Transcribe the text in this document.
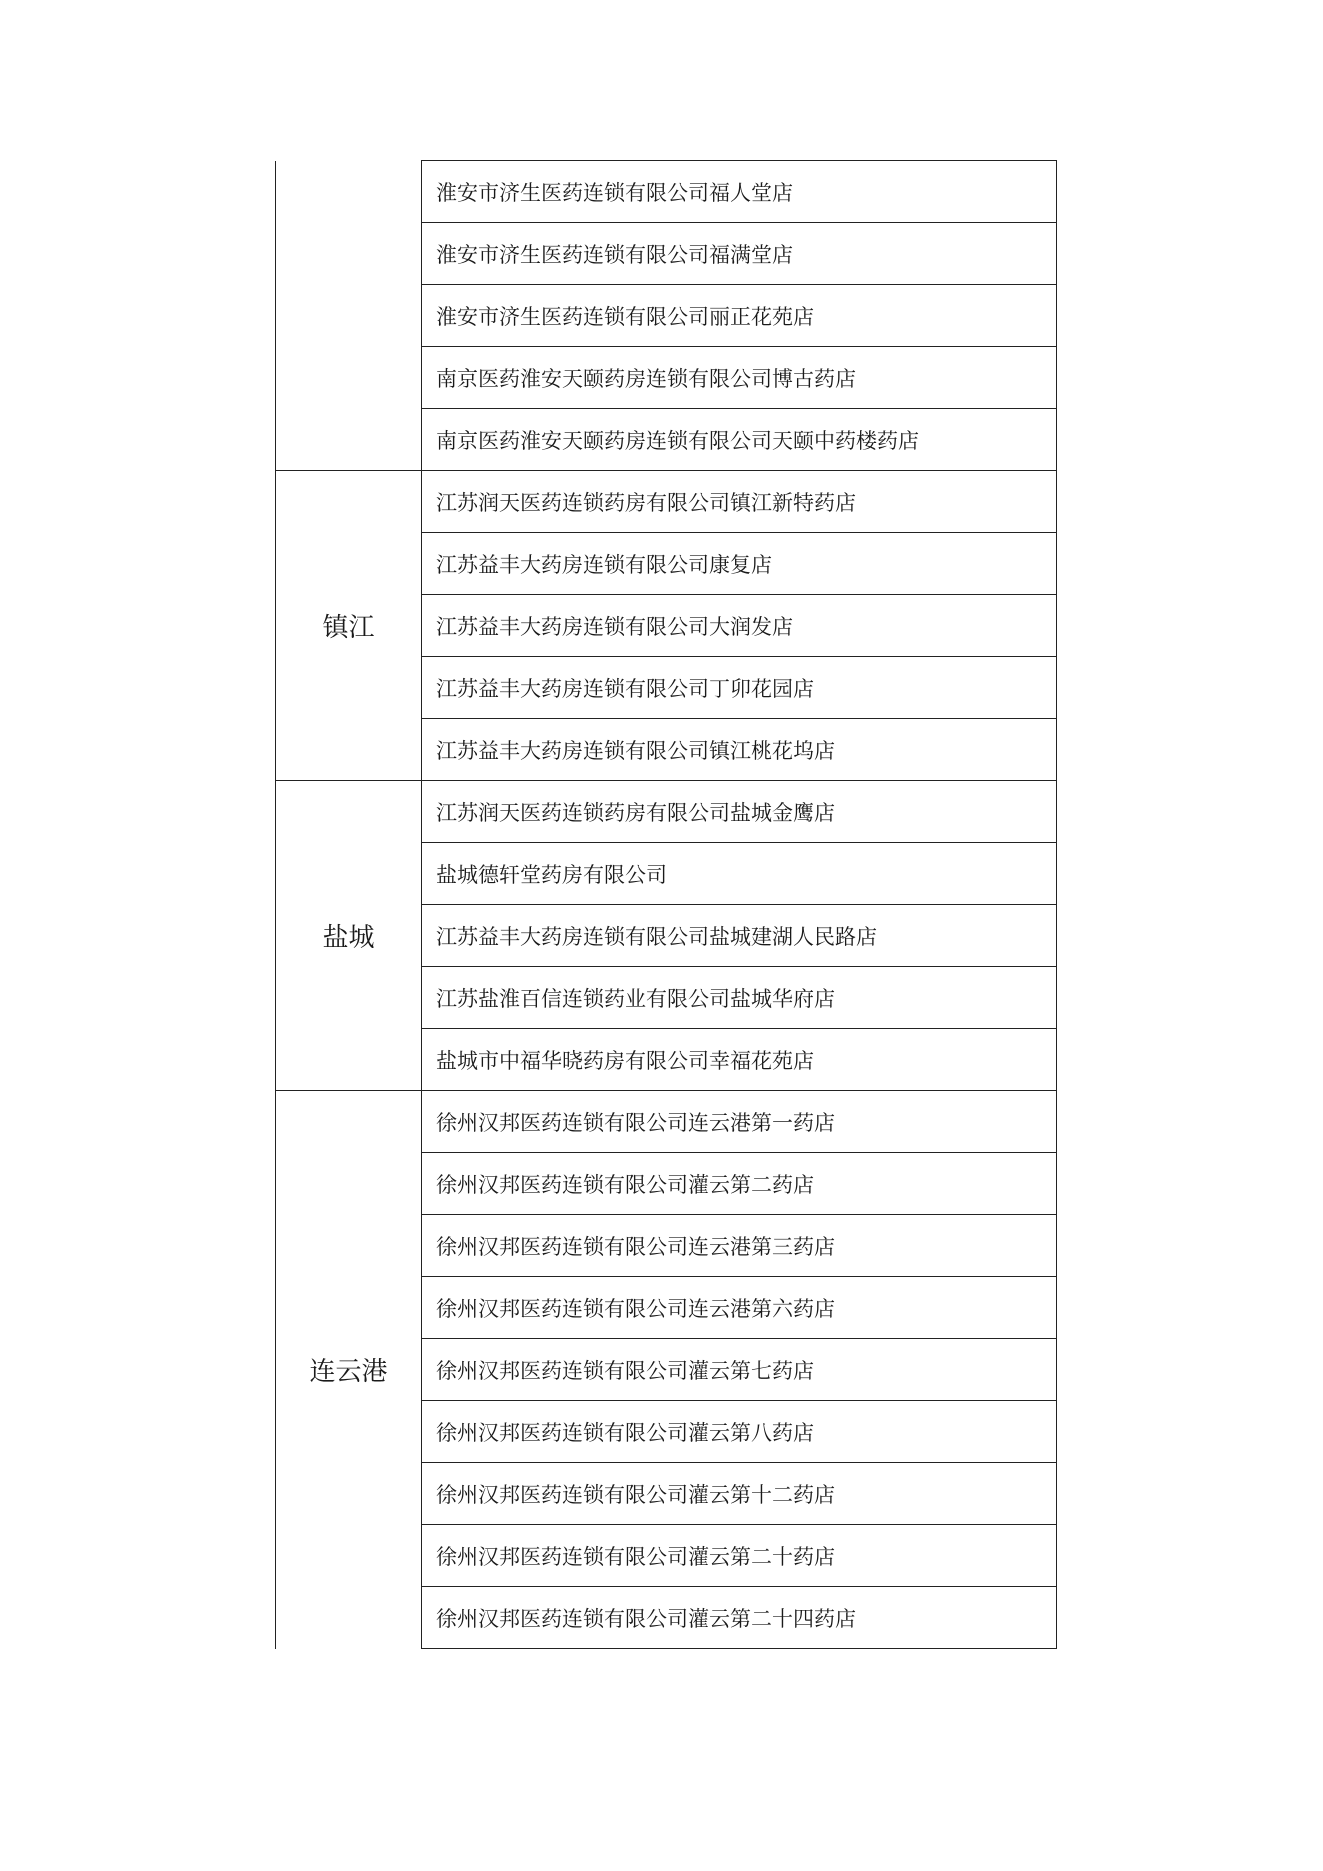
	淮安市济生医药连锁有限公司福人堂店
	淮安市济生医药连锁有限公司福满堂店
	淮安市济生医药连锁有限公司丽正花苑店
	南京医药淮安天颐药房连锁有限公司博古药店
	南京医药淮安天颐药房连锁有限公司天颐中药楼药店
镇江	江苏润天医药连锁药房有限公司镇江新特药店
	江苏益丰大药房连锁有限公司康复店
	江苏益丰大药房连锁有限公司大润发店
	江苏益丰大药房连锁有限公司丁卯花园店
	江苏益丰大药房连锁有限公司镇江桃花坞店
盐城	江苏润天医药连锁药房有限公司盐城金鹰店
	盐城德轩堂药房有限公司
	江苏益丰大药房连锁有限公司盐城建湖人民路店
	江苏盐淮百信连锁药业有限公司盐城华府店
	盐城市中福华晓药房有限公司幸福花苑店
连云港	徐州汉邦医药连锁有限公司连云港第一药店
	徐州汉邦医药连锁有限公司灌云第二药店
	徐州汉邦医药连锁有限公司连云港第三药店
	徐州汉邦医药连锁有限公司连云港第六药店
	徐州汉邦医药连锁有限公司灌云第七药店
	徐州汉邦医药连锁有限公司灌云第八药店
	徐州汉邦医药连锁有限公司灌云第十二药店
	徐州汉邦医药连锁有限公司灌云第二十药店
	徐州汉邦医药连锁有限公司灌云第二十四药店
